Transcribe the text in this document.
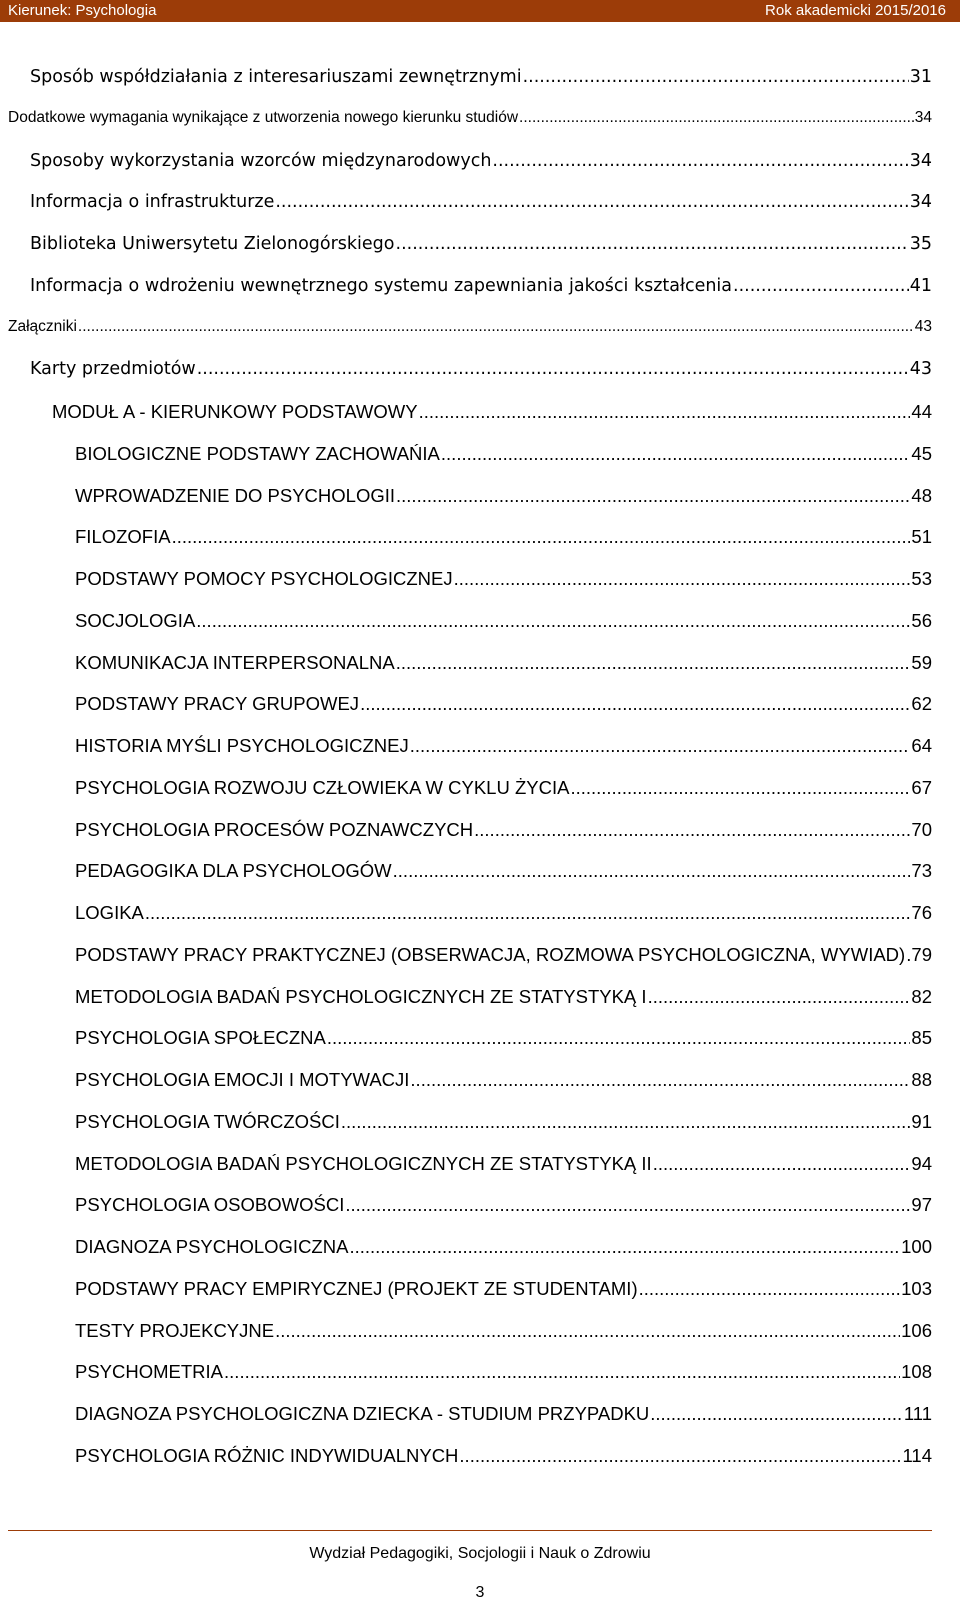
Kierunek: Psychologia	Rok akademicki 2015/2016
Sposób współdziałania z interesariuszami zewnętrznymi .....	31
Dodatkowe wymagania wynikające z utworzenia nowego kierunku studiów .....	34
Sposoby wykorzystania wzorców międzynarodowych .....	34
Informacja o infrastrukturze .....	34
Biblioteka Uniwersytetu Zielonogórskiego .....	35
Informacja o wdrożeniu wewnętrznego systemu zapewniania jakości kształcenia .....	41
Załączniki .....	43
Karty przedmiotów .....	43
MODUŁ A - KIERUNKOWY PODSTAWOWY .....	44
BIOLOGICZNE PODSTAWY ZACHOWAŃIA .....	45
WPROWADZENIE DO PSYCHOLOGII .....	48
FILOZOFIA .....	51
PODSTAWY POMOCY PSYCHOLOGICZNEJ .....	53
SOCJOLOGIA .....	56
KOMUNIKACJA INTERPERSONALNA .....	59
PODSTAWY PRACY GRUPOWEJ .....	62
HISTORIA MYŚLI PSYCHOLOGICZNEJ .....	64
PSYCHOLOGIA ROZWOJU CZŁOWIEKA W CYKLU ŻYCIA .....	67
PSYCHOLOGIA PROCESÓW POZNAWCZYCH .....	70
PEDAGOGIKA DLA PSYCHOLOGÓW .....	73
LOGIKA .....	76
PODSTAWY PRACY PRAKTYCZNEJ (OBSERWACJA, ROZMOWA PSYCHOLOGICZNA, WYWIAD) ..... 79
METODOLOGIA BADAŃ PSYCHOLOGICZNYCH ZE STATYSTYKĄ I .....	82
PSYCHOLOGIA SPOŁECZNA .....	85
PSYCHOLOGIA EMOCJI I MOTYWACJI .....	88
PSYCHOLOGIA TWÓRCZOŚCI .....	91
METODOLOGIA BADAŃ PSYCHOLOGICZNYCH ZE STATYSTYKĄ II .....	94
PSYCHOLOGIA OSOBOWOŚCI .....	97
DIAGNOZA PSYCHOLOGICZNA .....	100
PODSTAWY PRACY EMPIRYCZNEJ (PROJEKT ZE STUDENTAMI) .....	103
TESTY PROJEKCYJNE .....	106
PSYCHOMETRIA .....	108
DIAGNOZA PSYCHOLOGICZNA DZIECKA - STUDIUM PRZYPADKU .....	111
PSYCHOLOGIA RÓŻNIC INDYWIDUALNYCH .....	114
Wydział Pedagogiki, Socjologii i Nauk o Zdrowiu
3
